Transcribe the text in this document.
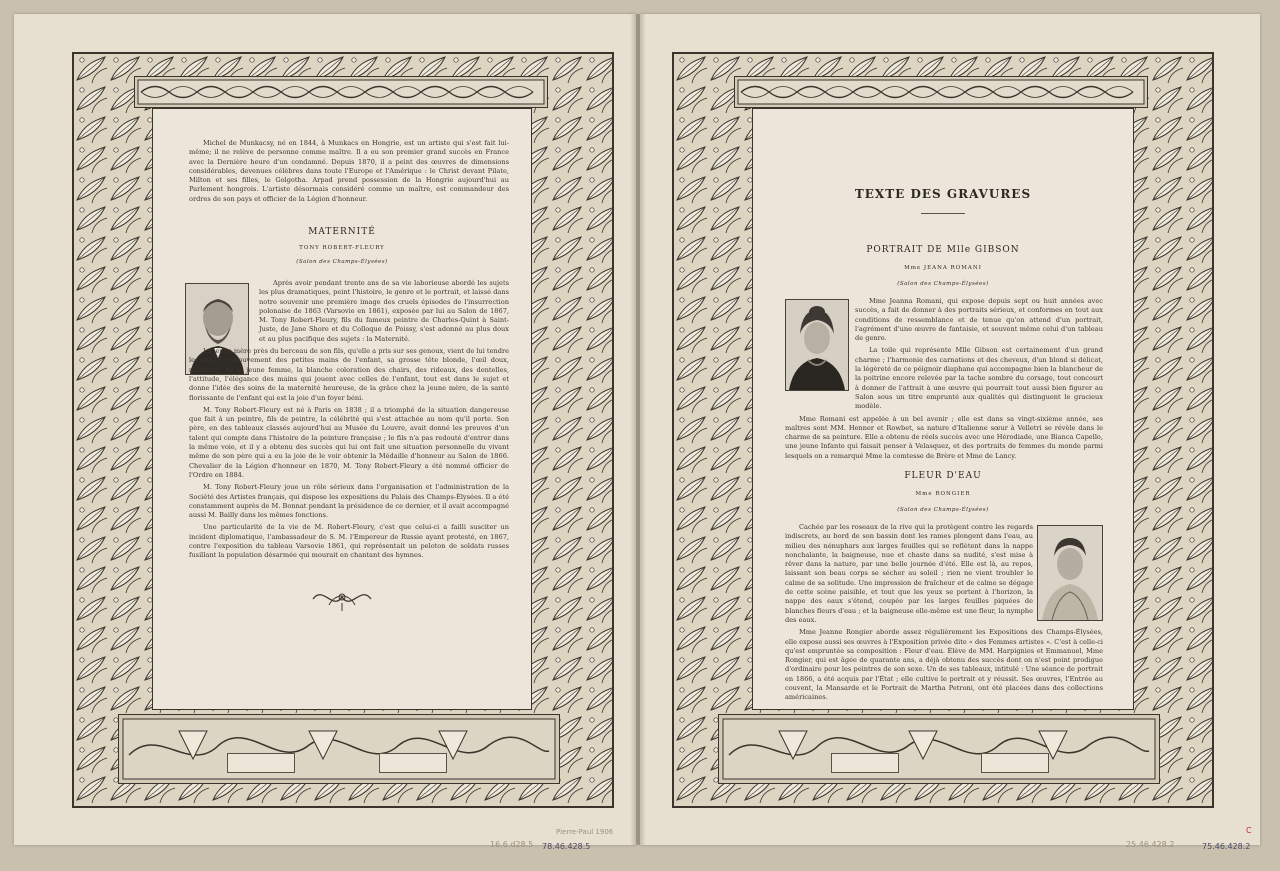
Michel de Munkacsy, né en 1844, à Munkacs en Hongrie, est un artiste qui s'est fait lui-même; il ne relève de personne comme maître. Il a eu son premier grand succès en France avec la Dernière heure d'un condamné. Depuis 1870, il a peint des œuvres de dimensions considérables, devenues célèbres dans toute l'Europe et l'Amérique : le Christ devant Pilate, Milton et ses filles, le Golgotha. Arpad prend possession de la Hongrie aujourd'hui au Parlement hongrois. L'artiste désormais considéré comme un maître, est commandeur des ordres de son pays et officier de la Légion d'honneur.

MATERNITÉ
TONY ROBERT-FLEURY
(Salon des Champs-Élysées)

Après avoir pendant trente ans de sa vie laborieuse abordé les sujets les plus dramatiques, peint l'histoire, le genre et le portrait, et laissé dans notre souvenir une première image des cruels épisodes de l'insurrection polonaise de 1863 (Varsovie en 1861), exposée par lui au Salon de 1867, M. Tony Robert-Fleury, fils du fameux peintre de Charles-Quint à Saint-Juste, de Jane Shore et du Colloque de Poissy, s'est adonné au plus doux et au plus pacifique des sujets : la Maternité.

La jeune mère près du berceau de son fils, qu'elle a pris sur ses genoux, vient de lui tendre le sein. Le mouvement des petites mains de l'enfant, sa grosse tête blonde, l'œil doux, maternel, de la jeune femme, la blanche coloration des chairs, des rideaux, des dentelles, l'attitude, l'élégance des mains qui jouent avec celles de l'enfant, tout est dans le sujet et donne l'idée des soins de la maternité heureuse, de la grâce chez la jeune mère, de la santé florissante de l'enfant qui est la joie d'un foyer béni.

M. Tony Robert-Fleury est né à Paris en 1838 ; il a triomphé de la situation dangereuse que fait à un peintre, fils de peintre, la célébrité qui s'est attachée au nom qu'il porte. Son père, en des tableaux classés aujourd'hui au Musée du Louvre, avait donné les preuves d'un talent qui compte dans l'histoire de la peinture française ; le fils n'a pas redouté d'entrer dans la même voie, et il y a obtenu des succès qui lui ont fait une situation personnelle du vivant même de son père qui a eu la joie de le voir obtenir la Médaille d'honneur au Salon de 1866. Chevalier de la Légion d'honneur en 1870, M. Tony Robert-Fleury a été nommé officier de l'Ordre en 1884.

M. Tony Robert-Fleury joue un rôle sérieux dans l'organisation et l'administration de la Société des Artistes français, qui dispose les expositions du Palais des Champs-Élysées. Il a été constamment auprès de M. Bonnat pendant la présidence de ce dernier, et il avait accompagné aussi M. Bailly dans les mêmes fonctions.

Une particularité de la vie de M. Robert-Fleury, c'est que celui-ci a failli susciter un incident diplomatique, l'ambassadeur de S. M. l'Empereur de Russie ayant protesté, en 1867, contre l'exposition du tableau Varsovie 1861, qui représentait un peloton de soldats russes fusillant la population désarmée qui mourait en chantant des hymnes.

TEXTE DES GRAVURES
PORTRAIT DE Mlle GIBSON
Mme JEANA ROMANI
(Salon des Champs-Élysées)

Mme Jeanna Romani, qui expose depuis sept ou huit années avec succès, a fait de donner à des portraits sérieux, et conformes en tout aux conditions de ressemblance et de tenue qu'on attend d'un portrait, l'agrément d'une œuvre de fantaisie, et souvent même celui d'un tableau de genre.

La toile qui représente Mlle Gibson est certainement d'un grand charme ; l'harmonie des carnations et des cheveux, d'un blond si délicat, la légèreté de ce péignoir diaphane qui accompagne bien la blancheur de la poitrine encore relevée par la tache sombre du corsage, tout concourt à donner de l'attrait à une œuvre qui pourrait tout aussi bien figurer au Salon sous un titre emprunté aux qualités qui distinguent le gracieux modèle.

Mme Romani est appelée à un bel avenir ; elle est dans sa vingt-sixième année, ses maîtres sont MM. Henner et Rowbet, sa nature d'Italienne sœur à Velletri se révèle dans le charme de sa peinture. Elle a obtenu de réels succès avec une Hérodiade, une Bianca Capello, une jeune Infante qui faisait penser à Velasquez, et des portraits de femmes du monde parmi lesquels on a remarqué Mme la comtesse de Brère et Mme de Lancy.

FLEUR D'EAU
Mme RONGIER
(Salon des Champs-Élysées)

Cachée par les roseaux de la rive qui la protègent contre les regards indiscrets, au bord de son bassin dont les rames plongent dans l'eau, au milieu des nénuphars aux larges feuilles qui se reflètent dans la nappe nonchalante, la baigneuse, nue et chaste dans sa nudité, s'est mise à rêver dans la nature, par une belle journée d'été. Elle est là, au repos, laissant son beau corps se sécher au soleil ; rien ne vient troubler le calme de sa solitude. Une impression de fraîcheur et de calme se dégage de cette scène paisible, et tout que les yeux se portent à l'horizon, la nappe des eaux s'étend, coupée par les larges feuilles piquées de blanches fleurs d'eau ; et la baigneuse elle-même est une fleur, la nymphe des eaux.

Mme Jeanne Rongier aborde assez régulièrement les Expositions des Champs-Élysées, elle expose aussi ses œuvres à l'Exposition privée dite « des Femmes artistes ». C'est à celle-ci qu'est empruntée sa composition : Fleur d'eau. Élève de MM. Harpignies et Emmanuel, Mme Rongier, qui est âgée de quarante ans, a déjà obtenu des succès dont on n'est point prodigue d'ordinaire pour les peintres de son sexe. Un de ses tableaux, intitulé : Une séance de portrait en 1866, a été acquis par l'État ; elle cultive le portrait et y réussit. Ses œuvres, l'Entrée au couvent, la Mansarde et le Portrait de Martha Petroni, ont été placées dans des collections américaines.

16.6 d28.5 78.46.428.5
Pierre-Paul 1906
25.46.428.2	75.46.428.2
C
